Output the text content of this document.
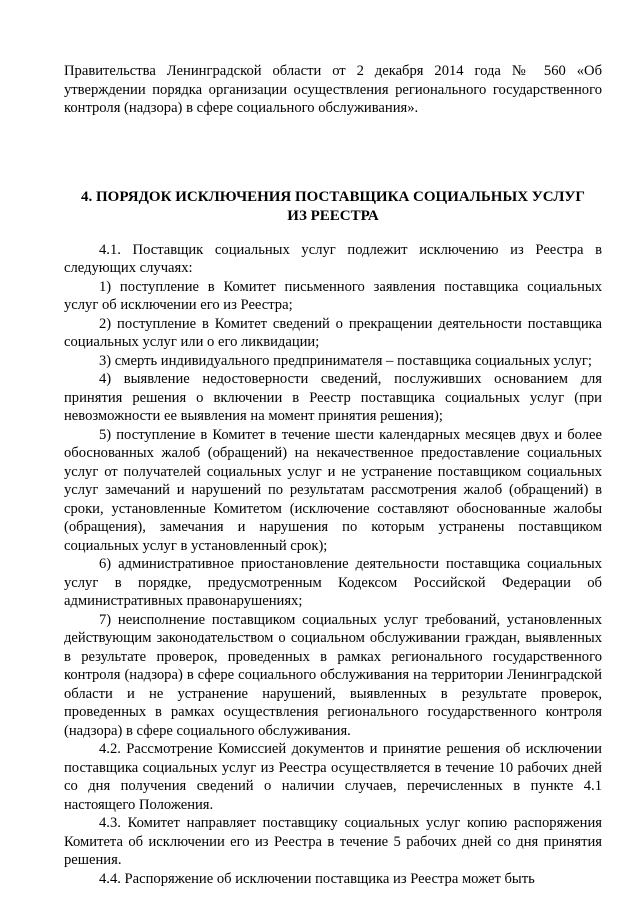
Правительства Ленинградской области от 2 декабря 2014 года № 560 «Об утверждении порядка организации осуществления регионального государственного контроля (надзора) в сфере социального обслуживания».

4. ПОРЯДОК ИСКЛЮЧЕНИЯ ПОСТАВЩИКА СОЦИАЛЬНЫХ УСЛУГ ИЗ РЕЕСТРА

4.1. Поставщик социальных услуг подлежит исключению из Реестра в следующих случаях:

1) поступление в Комитет письменного заявления поставщика социальных услуг об исключении его из Реестра;

2) поступление в Комитет сведений о прекращении деятельности поставщика социальных услуг или о его ликвидации;

3) смерть индивидуального предпринимателя – поставщика социальных услуг;

4) выявление недостоверности сведений, послуживших основанием для принятия решения о включении в Реестр поставщика социальных услуг (при невозможности ее выявления на момент принятия решения);

5) поступление в Комитет в течение шести календарных месяцев двух и более обоснованных жалоб (обращений) на некачественное предоставление социальных услуг от получателей социальных услуг и не устранение поставщиком социальных услуг замечаний и нарушений по результатам рассмотрения жалоб (обращений) в сроки, установленные Комитетом (исключение составляют обоснованные жалобы (обращения), замечания и нарушения по которым устранены поставщиком социальных услуг в установленный срок);

6) административное приостановление деятельности поставщика социальных услуг в порядке, предусмотренным Кодексом Российской Федерации об административных правонарушениях;

7) неисполнение поставщиком социальных услуг требований, установленных действующим законодательством о социальном обслуживании граждан, выявленных в результате проверок, проведенных в рамках регионального государственного контроля (надзора) в сфере социального обслуживания на территории Ленинградской области и не устранение нарушений, выявленных в результате проверок, проведенных в рамках осуществления регионального государственного контроля (надзора) в сфере социального обслуживания.

4.2. Рассмотрение Комиссией документов и принятие решения об исключении поставщика социальных услуг из Реестра осуществляется в течение 10 рабочих дней со дня получения сведений о наличии случаев, перечисленных в пункте 4.1 настоящего Положения.

4.3. Комитет направляет поставщику социальных услуг копию распоряжения Комитета об исключении его из Реестра в течение 5 рабочих дней со дня принятия решения.

4.4. Распоряжение об исключении поставщика из Реестра может быть
